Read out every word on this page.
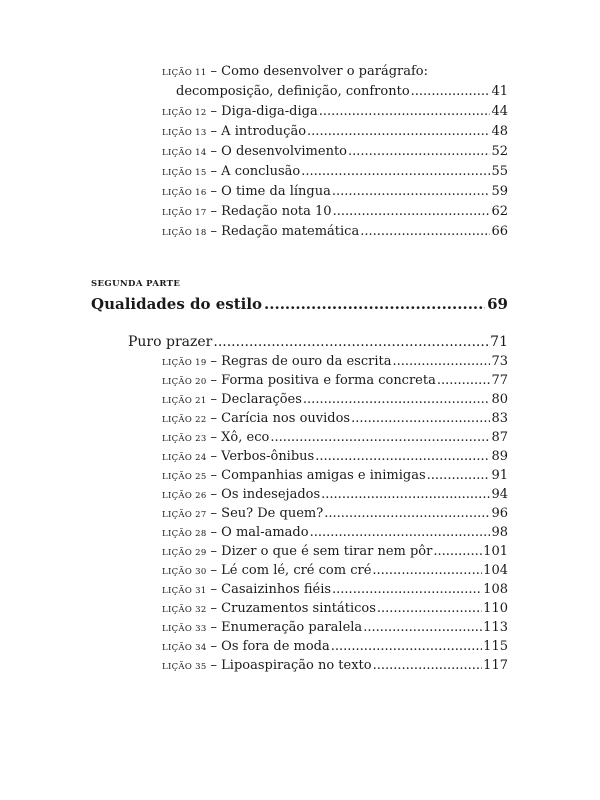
LIÇÃO 11 – Como desenvolver o parágrafo:
decomposição, definição, confronto .....	41
LIÇÃO 12 – Diga-diga-diga .....	44
LIÇÃO 13 – A introdução .....	48
LIÇÃO 14 – O desenvolvimento .....	52
LIÇÃO 15 – A conclusão .....	55
LIÇÃO 16 – O time da língua .....	59
LIÇÃO 17 – Redação nota 10 .....	62
LIÇÃO 18 – Redação matemática .....	66
SEGUNDA PARTE
Qualidades do estilo .....	69
Puro prazer .....	71
LIÇÃO 19 – Regras de ouro da escrita .....	73
LIÇÃO 20 – Forma positiva e forma concreta .....	77
LIÇÃO 21 – Declarações .....	80
LIÇÃO 22 – Carícia nos ouvidos .....	83
LIÇÃO 23 – Xô, eco .....	87
LIÇÃO 24 – Verbos-ônibus .....	89
LIÇÃO 25 – Companhias amigas e inimigas .....	91
LIÇÃO 26 – Os indesejados .....	94
LIÇÃO 27 – Seu? De quem? .....	96
LIÇÃO 28 – O mal-amado .....	98
LIÇÃO 29 – Dizer o que é sem tirar nem pôr .....	101
LIÇÃO 30 – Lé com lé, cré com cré .....	104
LIÇÃO 31 – Casaizinhos fiéis .....	108
LIÇÃO 32 – Cruzamentos sintáticos .....	110
LIÇÃO 33 – Enumeração paralela .....	113
LIÇÃO 34 – Os fora de moda .....	115
LIÇÃO 35 – Lipoaspiração no texto .....	117
